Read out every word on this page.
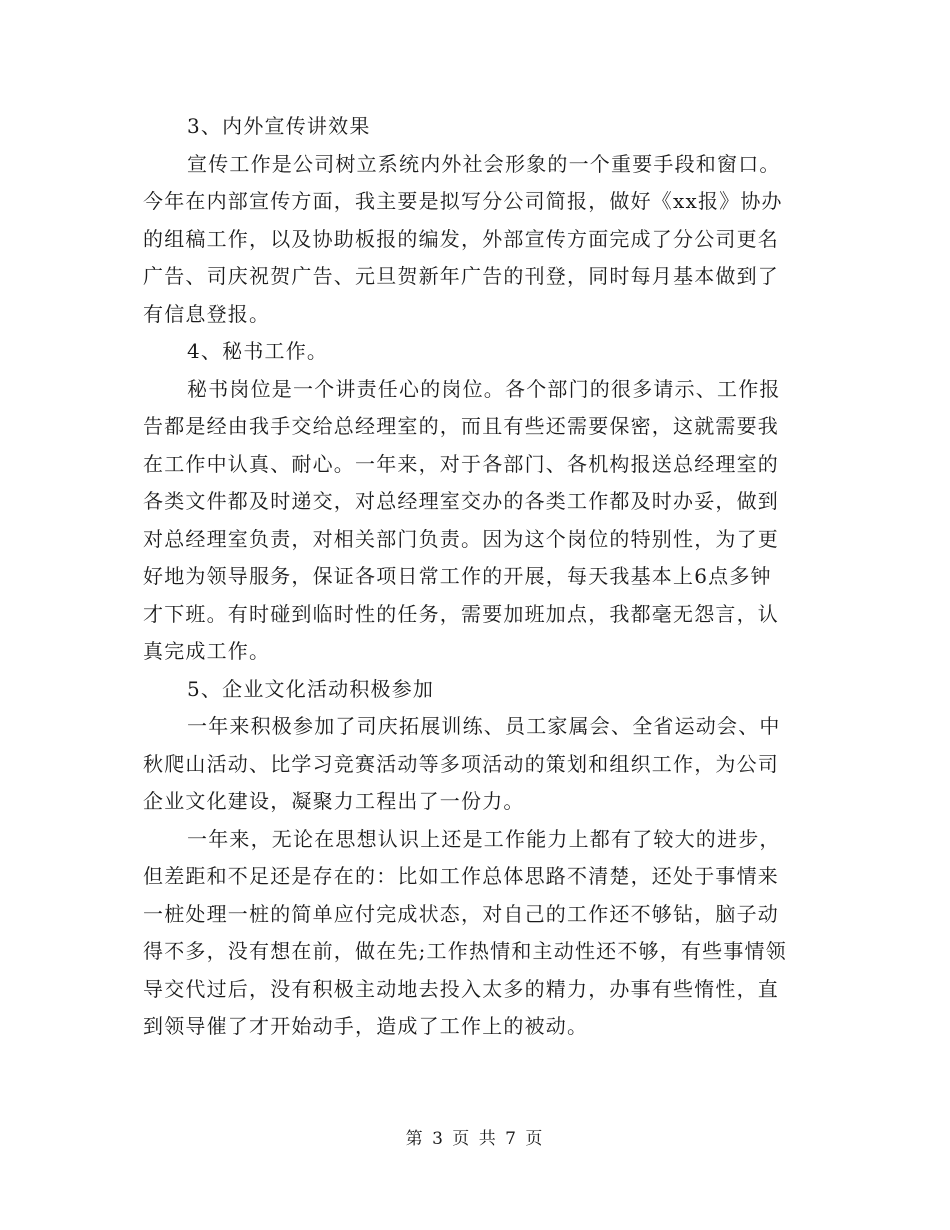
3、内外宣传讲效果
宣传工作是公司树立系统内外社会形象的一个重要手段和窗口。
今年在内部宣传方面，我主要是拟写分公司简报，做好《xx报》协办
的组稿工作，以及协助板报的编发，外部宣传方面完成了分公司更名
广告、司庆祝贺广告、元旦贺新年广告的刊登，同时每月基本做到了
有信息登报。
4、秘书工作。
秘书岗位是一个讲责任心的岗位。各个部门的很多请示、工作报
告都是经由我手交给总经理室的，而且有些还需要保密，这就需要我
在工作中认真、耐心。一年来，对于各部门、各机构报送总经理室的
各类文件都及时递交，对总经理室交办的各类工作都及时办妥，做到
对总经理室负责，对相关部门负责。因为这个岗位的特别性，为了更
好地为领导服务，保证各项日常工作的开展，每天我基本上6点多钟
才下班。有时碰到临时性的任务，需要加班加点，我都毫无怨言，认
真完成工作。
5、企业文化活动积极参加
一年来积极参加了司庆拓展训练、员工家属会、全省运动会、中
秋爬山活动、比学习竞赛活动等多项活动的策划和组织工作，为公司
企业文化建设，凝聚力工程出了一份力。
一年来，无论在思想认识上还是工作能力上都有了较大的进步，
但差距和不足还是存在的：比如工作总体思路不清楚，还处于事情来
一桩处理一桩的简单应付完成状态，对自己的工作还不够钻，脑子动
得不多，没有想在前，做在先;工作热情和主动性还不够，有些事情领
导交代过后，没有积极主动地去投入太多的精力，办事有些惰性，直
到领导催了才开始动手，造成了工作上的被动。
第 3 页 共 7 页
